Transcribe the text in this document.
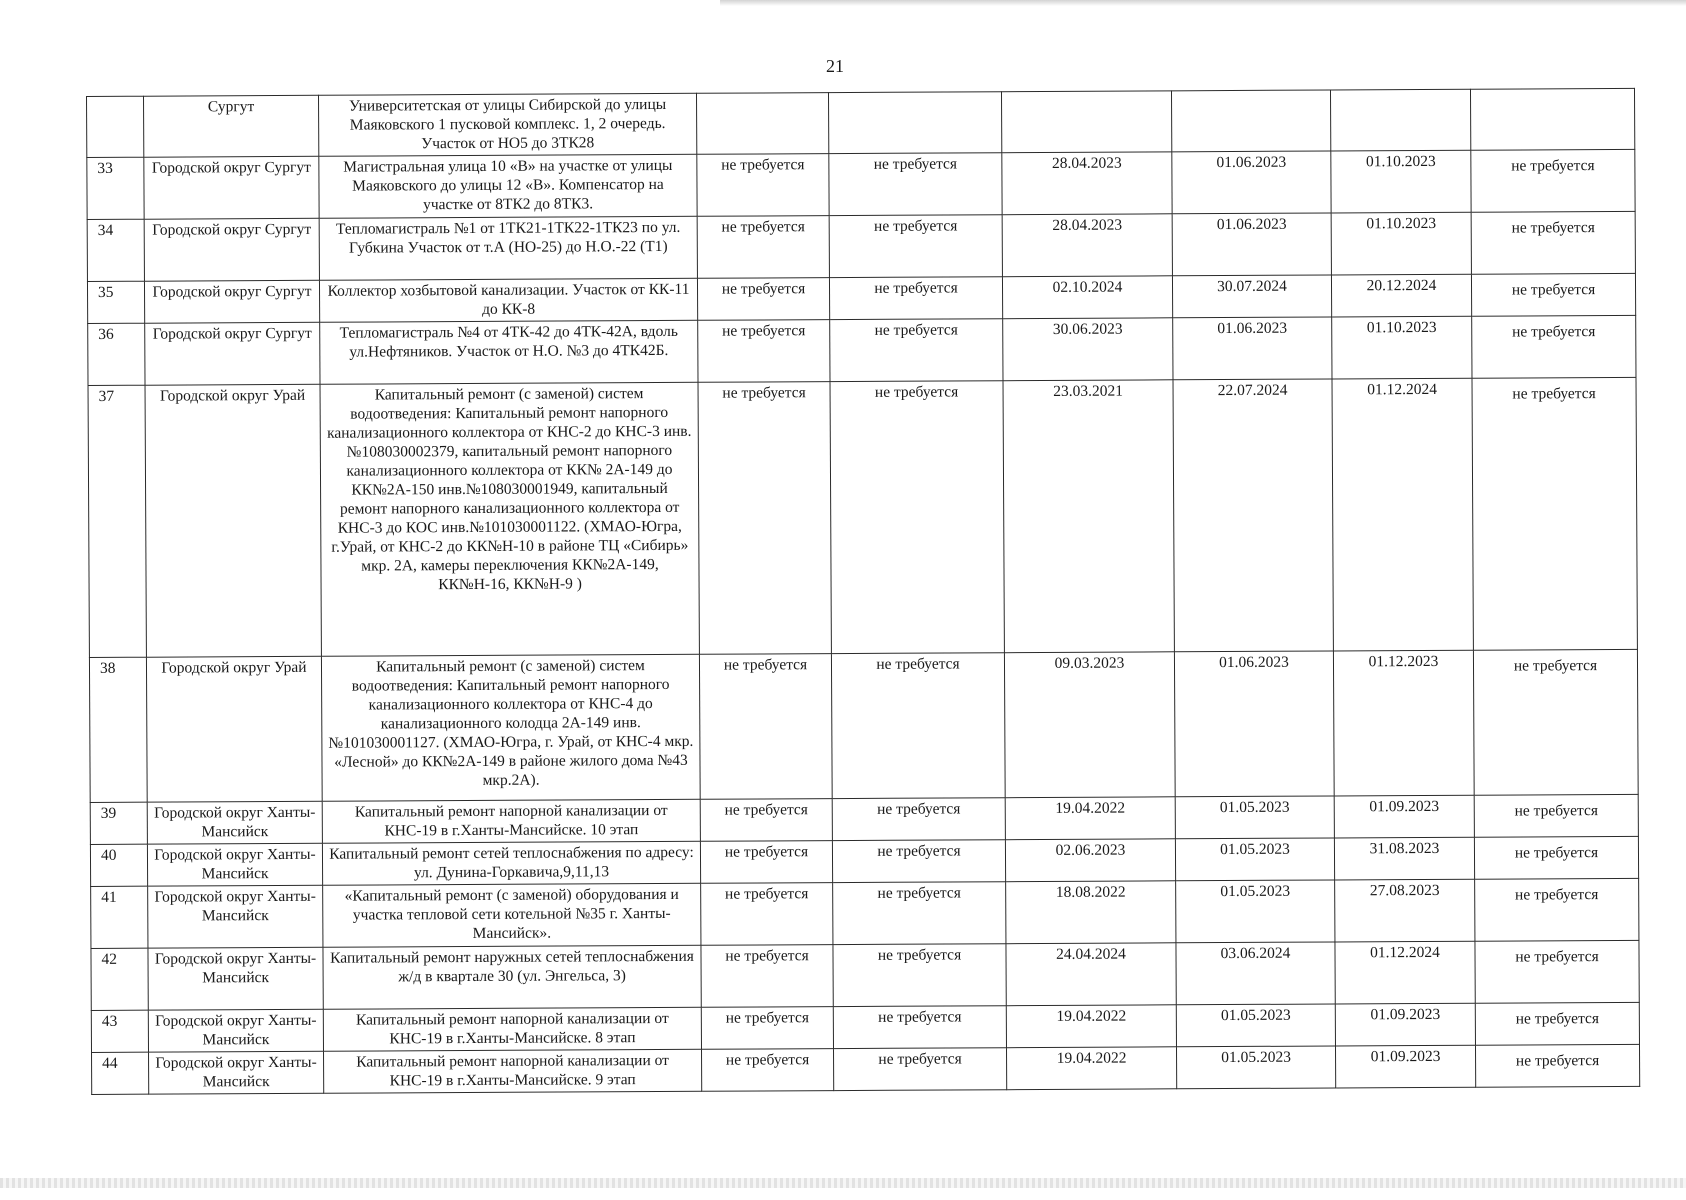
21
	Сургут	Университетская от улицы Сибирской до улицы Маяковского 1 пусковой комплекс. 1, 2 очередь. Участок от НО5 до 3ТК28						
33	Городской округ Сургут	Магистральная улица 10 «В» на участке от улицы Маяковского до улицы 12 «В». Компенсатор на участке от 8ТК2 до 8ТК3.	не требуется	не требуется	28.04.2023	01.06.2023	01.10.2023	не требуется
34	Городской округ Сургут	Тепломагистраль №1 от 1ТК21-1ТК22-1ТК23 по ул. Губкина Участок от т.А (НО-25) до Н.О.-22 (Т1)	не требуется	не требуется	28.04.2023	01.06.2023	01.10.2023	не требуется
35	Городской округ Сургут	Коллектор хозбытовой канализации. Участок от КК-11 до КК-8	не требуется	не требуется	02.10.2024	30.07.2024	20.12.2024	не требуется
36	Городской округ Сургут	Тепломагистраль №4 от 4ТК-42 до 4ТК-42А, вдоль ул.Нефтяников. Участок от Н.О. №3 до 4ТК42Б.	не требуется	не требуется	30.06.2023	01.06.2023	01.10.2023	не требуется
37	Городской округ Урай	Капитальный ремонт (с заменой) систем водоотведения: Капитальный ремонт напорного канализационного коллектора от КНС-2 до КНС-3 инв.№108030002379, капитальный ремонт напорного канализационного коллектора от КК№ 2А-149 до КК№2А-150 инв.№108030001949, капитальный ремонт напорного канализационного коллектора от КНС-3 до КОС инв.№101030001122. (ХМАО-Югра, г.Урай, от КНС-2 до КК№Н-10 в районе ТЦ «Сибирь» мкр. 2А, камеры переключения КК№2А-149, КК№Н-16, КК№Н-9 )	не требуется	не требуется	23.03.2021	22.07.2024	01.12.2024	не требуется
38	Городской округ Урай	Капитальный ремонт (с заменой) систем водоотведения: Капитальный ремонт напорного канализационного коллектора от КНС-4 до канализационного колодца 2А-149 инв.№101030001127. (ХМАО-Югра, г. Урай, от КНС-4 мкр. «Лесной» до КК№2А-149 в районе жилого дома №43 мкр.2А).	не требуется	не требуется	09.03.2023	01.06.2023	01.12.2023	не требуется
39	Городской округ Ханты-Мансийск	Капитальный ремонт напорной канализации от КНС-19 в г.Ханты-Мансийске. 10 этап	не требуется	не требуется	19.04.2022	01.05.2023	01.09.2023	не требуется
40	Городской округ Ханты-Мансийск	Капитальный ремонт сетей теплоснабжения по адресу: ул. Дунина-Горкавича,9,11,13	не требуется	не требуется	02.06.2023	01.05.2023	31.08.2023	не требуется
41	Городской округ Ханты-Мансийск	«Капитальный ремонт (с заменой) оборудования и участка тепловой сети котельной №35 г. Ханты-Мансийск».	не требуется	не требуется	18.08.2022	01.05.2023	27.08.2023	не требуется
42	Городской округ Ханты-Мансийск	Капитальный ремонт наружных сетей теплоснабжения ж/д в квартале 30 (ул. Энгельса, 3)	не требуется	не требуется	24.04.2024	03.06.2024	01.12.2024	не требуется
43	Городской округ Ханты-Мансийск	Капитальный ремонт напорной канализации от КНС-19 в г.Ханты-Мансийске. 8 этап	не требуется	не требуется	19.04.2022	01.05.2023	01.09.2023	не требуется
44	Городской округ Ханты-Мансийск	Капитальный ремонт напорной канализации от КНС-19 в г.Ханты-Мансийске. 9 этап	не требуется	не требуется	19.04.2022	01.05.2023	01.09.2023	не требуется
